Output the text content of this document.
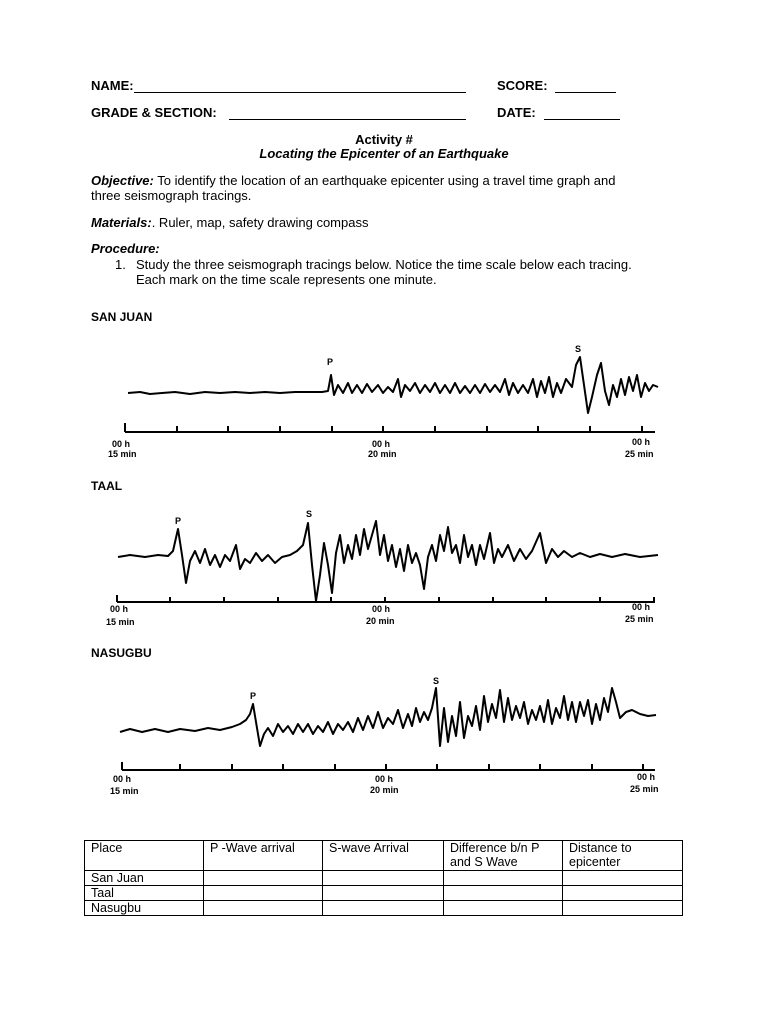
NAME:	SCORE:
GRADE & SECTION:	DATE:
Activity #
Locating the Epicenter of an Earthquake
Objective: To identify the location of an earthquake epicenter using a travel time graph and
three seismograph tracings.
Materials:. Ruler, map, safety drawing compass
Procedure:
1. Study the three seismograph tracings below. Notice the time scale below each tracing.
Each mark on the time scale represents one minute.
SAN JUAN
P
S
00 h
15 min
00 h
20 min
00 h
25 min
TAAL
P
S
00 h
15 min
00 h
20 min
00 h
25 min
NASUGBU
P
S
00 h
15 min
00 h
20 min
00 h
25 min
Place	P -Wave arrival	S-wave Arrival	Difference b/n P and S Wave	Distance to epicenter
San Juan				
Taal				
Nasugbu				
